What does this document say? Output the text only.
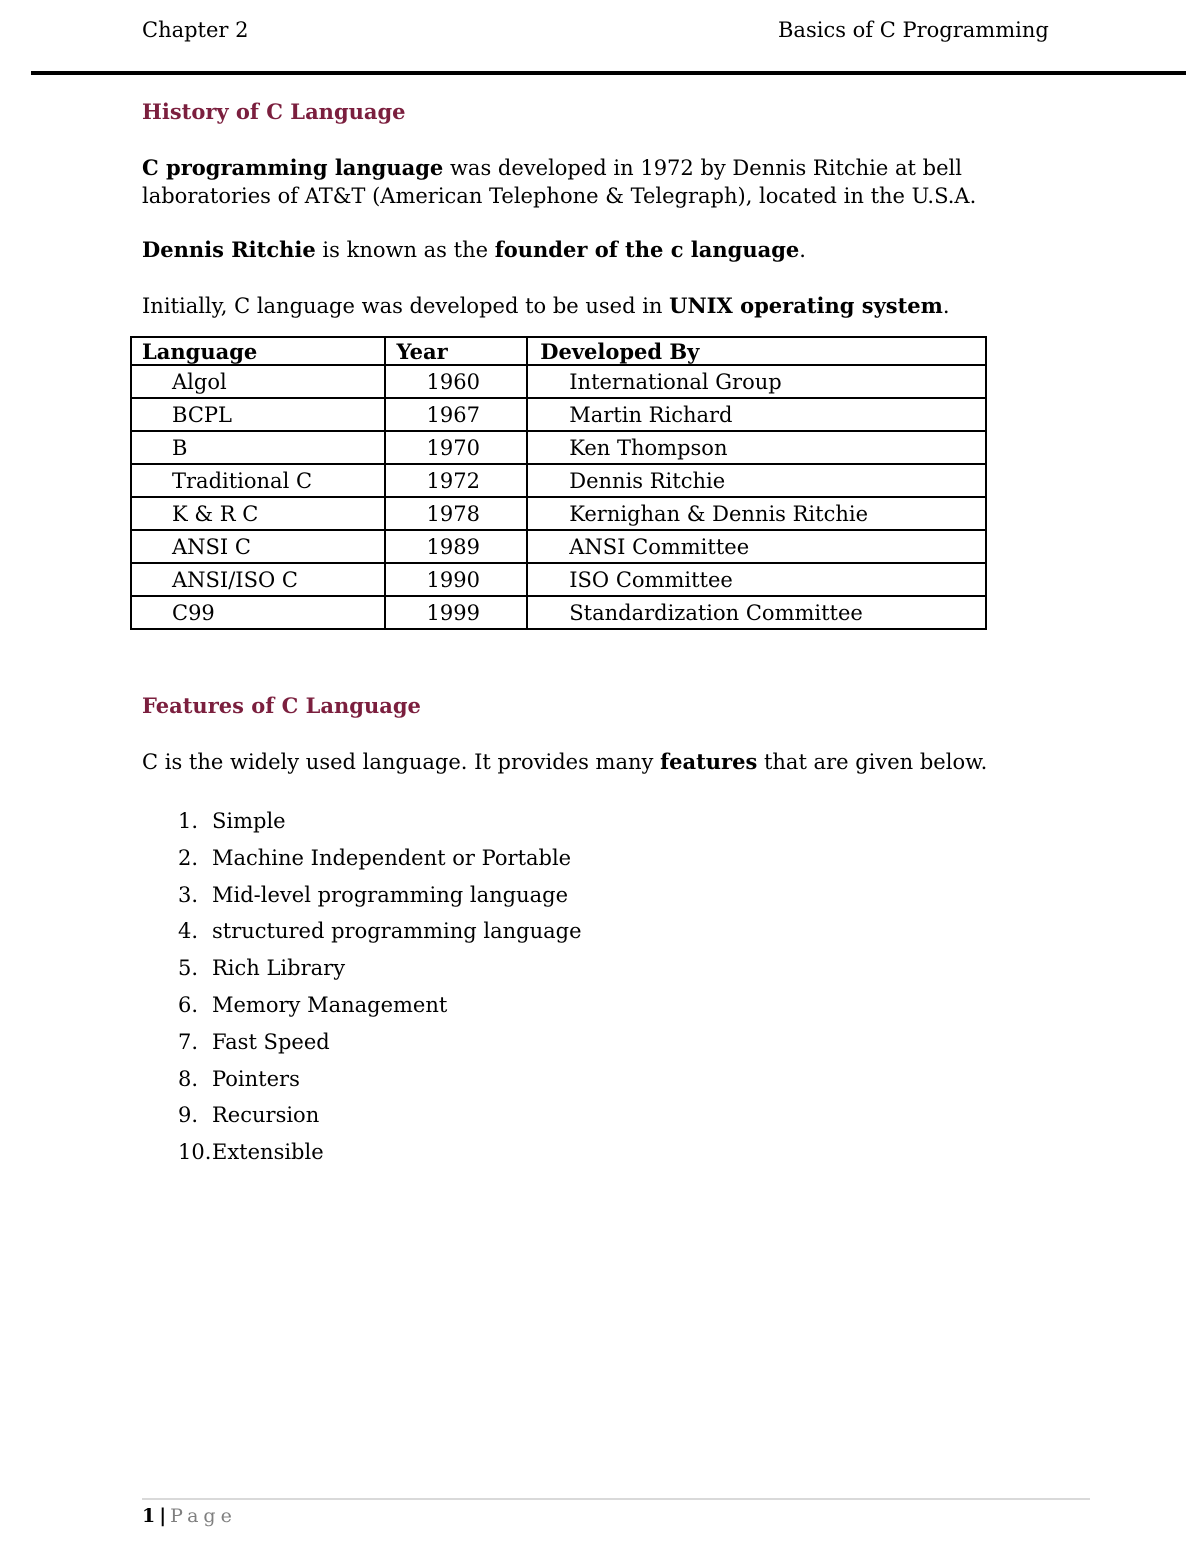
Chapter 2	Basics of C Programming
History of C Language
C programming language was developed in 1972 by Dennis Ritchie at bell laboratories of AT&T (American Telephone & Telegraph), located in the U.S.A.
Dennis Ritchie is known as the founder of the c language.
Initially, C language was developed to be used in UNIX operating system.
Language	Year	Developed By
Algol	1960	International Group
BCPL	1967	Martin Richard
B	1970	Ken Thompson
Traditional C	1972	Dennis Ritchie
K & R C	1978	Kernighan & Dennis Ritchie
ANSI C	1989	ANSI Committee
ANSI/ISO C	1990	ISO Committee
C99	1999	Standardization Committee
Features of C Language
C is the widely used language. It provides many features that are given below.
1. Simple
2. Machine Independent or Portable
3. Mid-level programming language
4. structured programming language
5. Rich Library
6. Memory Management
7. Fast Speed
8. Pointers
9. Recursion
10.Extensible
1 | Page
